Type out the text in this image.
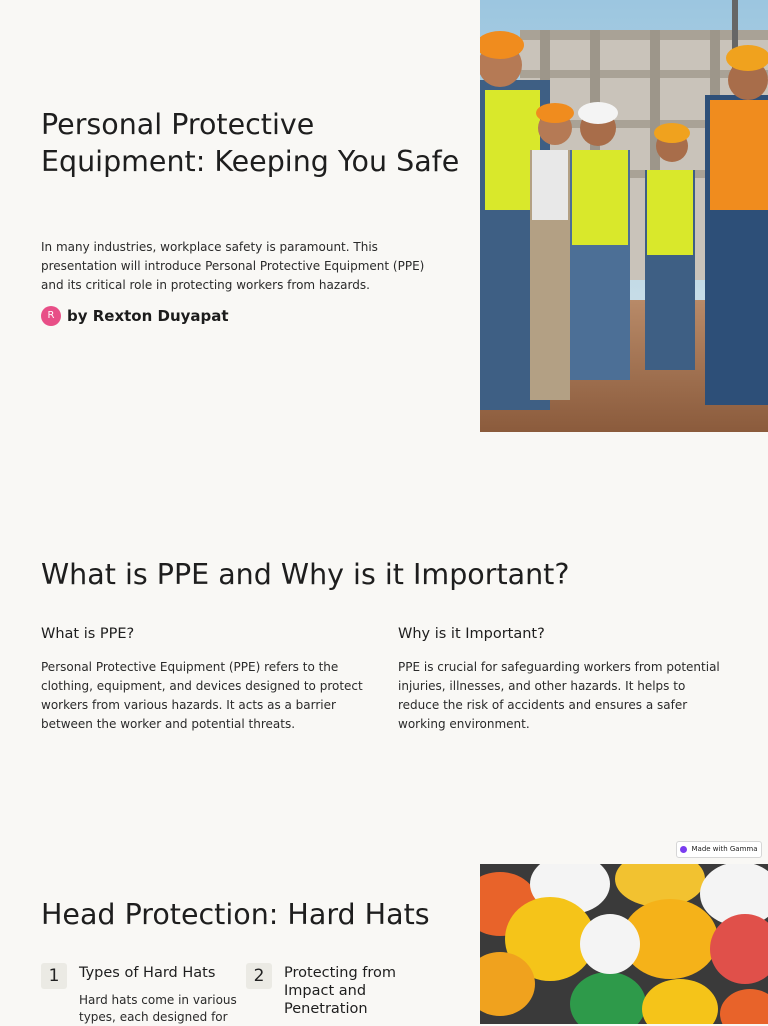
Personal Protective Equipment: Keeping You Safe

In many industries, workplace safety is paramount. This presentation will introduce Personal Protective Equipment (PPE) and its critical role in protecting workers from hazards.

R by Rexton Duyapat
What is PPE and Why is it Important?
What is PPE?

Personal Protective Equipment (PPE) refers to the clothing, equipment, and devices designed to protect workers from various hazards. It acts as a barrier between the worker and potential threats.

Why is it Important?

PPE is crucial for safeguarding workers from potential injuries, illnesses, and other hazards. It helps to reduce the risk of accidents and ensures a safer working environment.

Made with Gamma
Head Protection: Hard Hats
1	Types of Hard Hats

Hard hats come in various types, each designed for

2	Protecting from Impact and Penetration
